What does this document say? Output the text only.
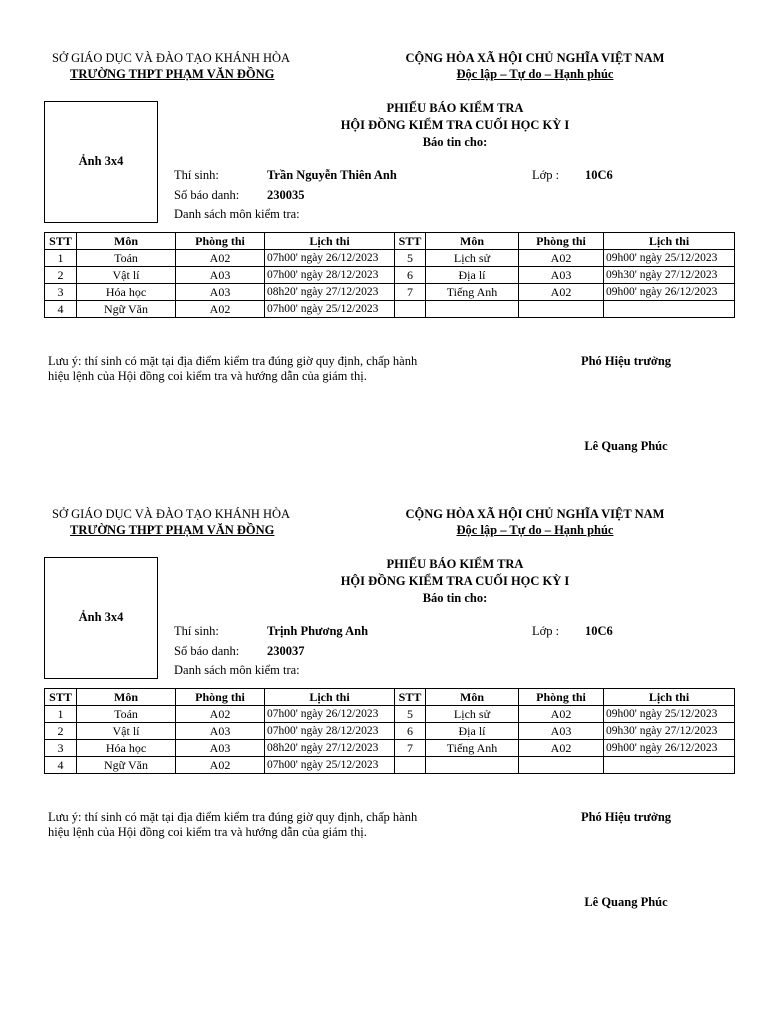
SỞ GIÁO DỤC VÀ ĐÀO TẠO KHÁNH HÒA
TRƯỜNG THPT PHẠM VĂN ĐỒNG
CỘNG HÒA XÃ HỘI CHỦ NGHĨA VIỆT NAM
Độc lập – Tự do – Hạnh phúc
Ảnh 3x4
PHIẾU BÁO KIỂM TRA
HỘI ĐỒNG KIỂM TRA CUỐI HỌC KỲ I
Báo tin cho:
Thí sinh:	Trần Nguyễn Thiên Anh	Lớp : 10C6
Số báo danh: 230035
Danh sách môn kiểm tra:
STT	Môn	Phòng thi	Lịch thi	STT	Môn	Phòng thi	Lịch thi
1	Toán	A02	07h00' ngày 26/12/2023	5	Lịch sử	A02	09h00' ngày 25/12/2023
2	Vật lí	A03	07h00' ngày 28/12/2023	6	Địa lí	A03	09h30' ngày 27/12/2023
3	Hóa học	A03	08h20' ngày 27/12/2023	7	Tiếng Anh	A02	09h00' ngày 26/12/2023
4	Ngữ Văn	A02	07h00' ngày 25/12/2023				
Lưu ý: thí sinh có mặt tại địa điểm kiểm tra đúng giờ quy định, chấp hành
hiệu lệnh của Hội đồng coi kiểm tra và hướng dẫn của giám thị.
Phó Hiệu trưởng
Lê Quang Phúc
SỞ GIÁO DỤC VÀ ĐÀO TẠO KHÁNH HÒA
TRƯỜNG THPT PHẠM VĂN ĐỒNG
CỘNG HÒA XÃ HỘI CHỦ NGHĨA VIỆT NAM
Độc lập – Tự do – Hạnh phúc
Ảnh 3x4
PHIẾU BÁO KIỂM TRA
HỘI ĐỒNG KIỂM TRA CUỐI HỌC KỲ I
Báo tin cho:
Thí sinh:	Trịnh Phương Anh	Lớp : 10C6
Số báo danh: 230037
Danh sách môn kiểm tra:
STT	Môn	Phòng thi	Lịch thi	STT	Môn	Phòng thi	Lịch thi
1	Toán	A02	07h00' ngày 26/12/2023	5	Lịch sử	A02	09h00' ngày 25/12/2023
2	Vật lí	A03	07h00' ngày 28/12/2023	6	Địa lí	A03	09h30' ngày 27/12/2023
3	Hóa học	A03	08h20' ngày 27/12/2023	7	Tiếng Anh	A02	09h00' ngày 26/12/2023
4	Ngữ Văn	A02	07h00' ngày 25/12/2023				
Lưu ý: thí sinh có mặt tại địa điểm kiểm tra đúng giờ quy định, chấp hành
hiệu lệnh của Hội đồng coi kiểm tra và hướng dẫn của giám thị.
Phó Hiệu trưởng
Lê Quang Phúc
